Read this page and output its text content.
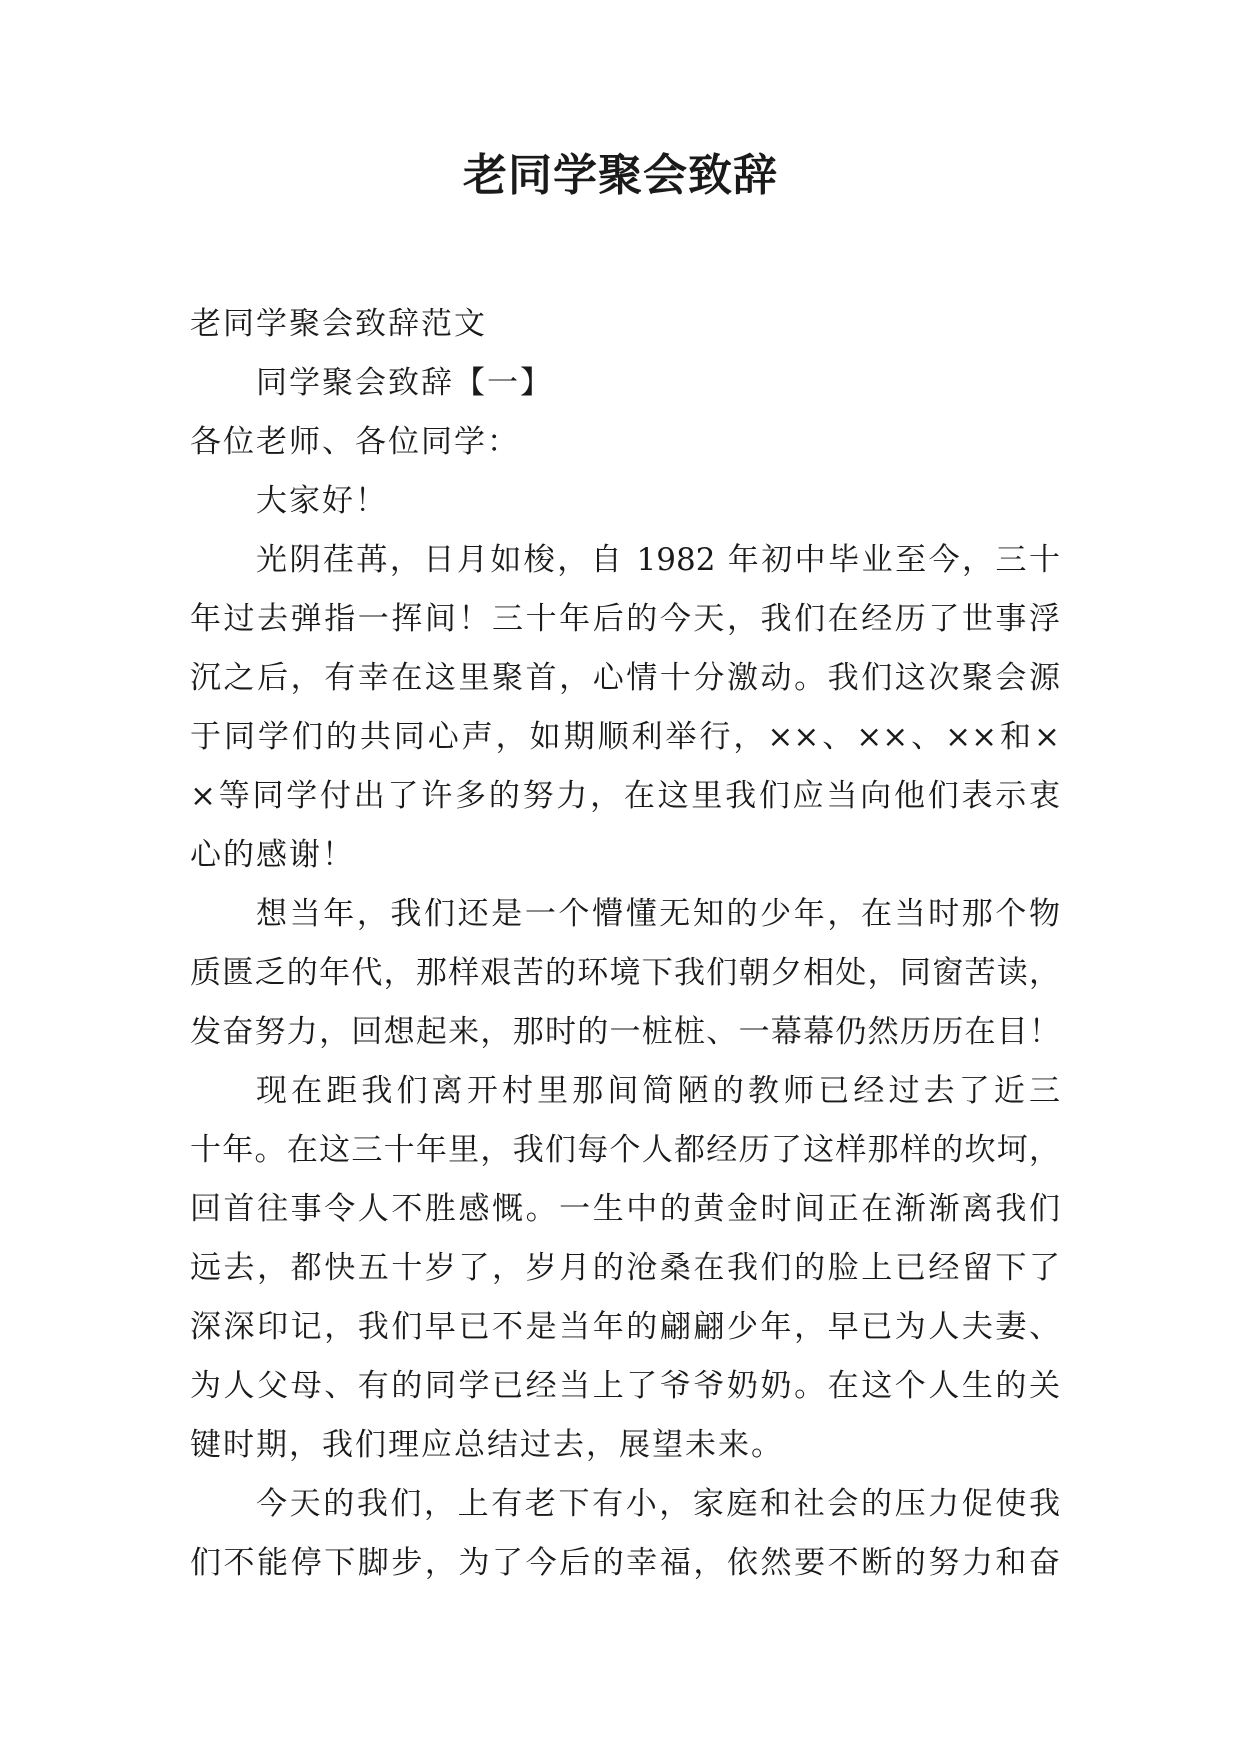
老同学聚会致辞
老同学聚会致辞范文
同学聚会致辞【一】
各位老师、各位同学：
大家好！
光阴荏苒，日月如梭，自 1982 年初中毕业至今，三十
年过去弹指一挥间！三十年后的今天，我们在经历了世事浮
沉之后，有幸在这里聚首，心情十分激动。我们这次聚会源
于同学们的共同心声，如期顺利举行，××、××、××和×
×等同学付出了许多的努力，在这里我们应当向他们表示衷
心的感谢！
想当年，我们还是一个懵懂无知的少年，在当时那个物
质匮乏的年代，那样艰苦的环境下我们朝夕相处，同窗苦读，
发奋努力，回想起来，那时的一桩桩、一幕幕仍然历历在目！
现在距我们离开村里那间简陋的教师已经过去了近三
十年。在这三十年里，我们每个人都经历了这样那样的坎坷，
回首往事令人不胜感慨。一生中的黄金时间正在渐渐离我们
远去，都快五十岁了，岁月的沧桑在我们的脸上已经留下了
深深印记，我们早已不是当年的翩翩少年，早已为人夫妻、
为人父母、有的同学已经当上了爷爷奶奶。在这个人生的关
键时期，我们理应总结过去，展望未来。
今天的我们，上有老下有小，家庭和社会的压力促使我
们不能停下脚步，为了今后的幸福，依然要不断的努力和奋
